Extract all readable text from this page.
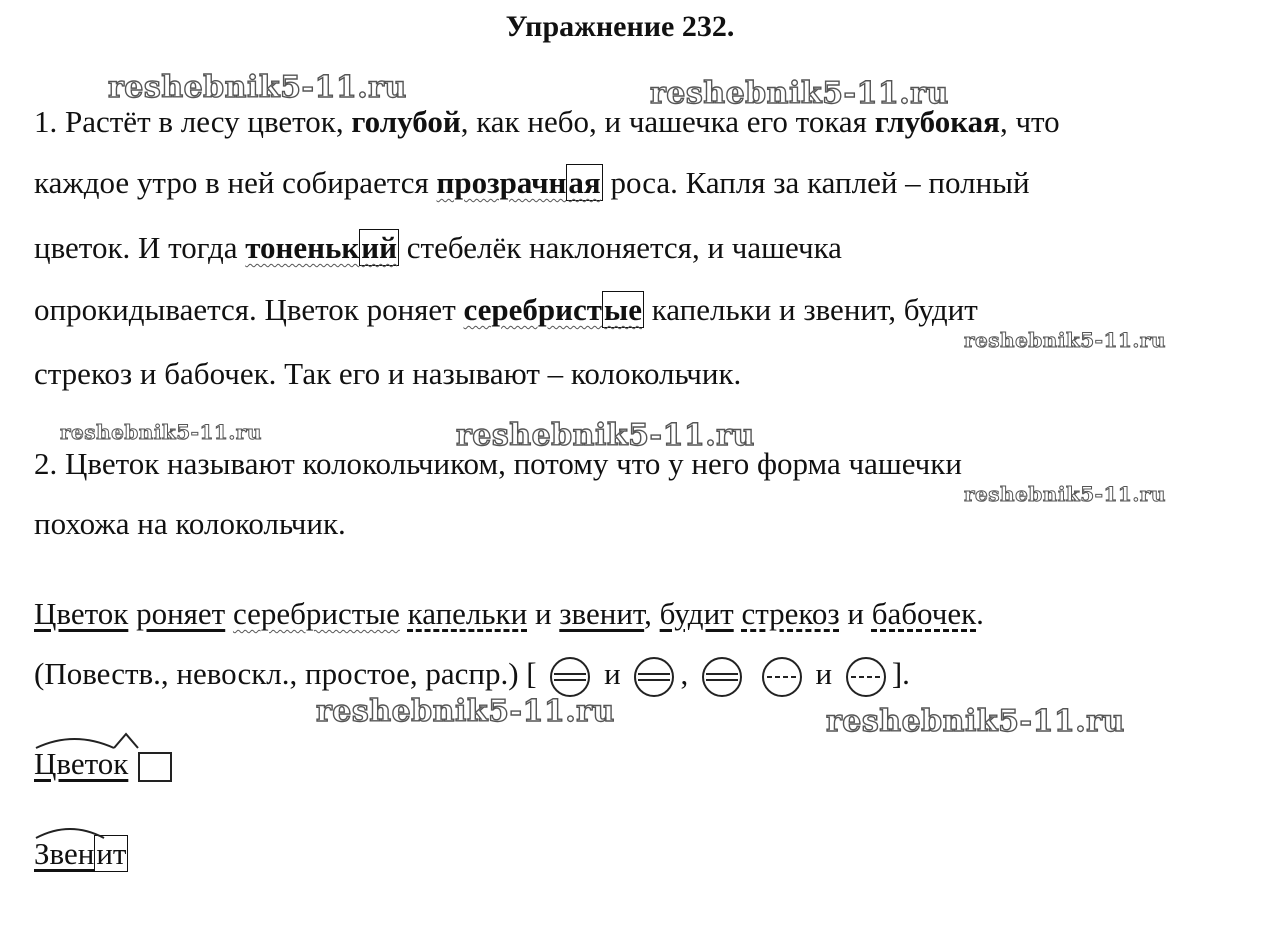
Упражнение 232.
reshebnik5-11.ru	reshebnik5-11.ru
reshebnik5-11.ru
reshebnik5-11.ru	reshebnik5-11.ru
reshebnik5-11.ru
reshebnik5-11.ru	reshebnik5-11.ru
1. Растёт в лесу цветок, голубой, как небо, и чашечка его токая глубокая, что
каждое утро в ней собирается прозрачная роса. Капля за каплей – полный
цветок. И тогда тоненький стебелёк наклоняется, и чашечка
опрокидывается. Цветок роняет серебристые капельки и звенит, будит
стрекоз и бабочек. Так его и называют – колокольчик.
2. Цветок называют колокольчиком, потому что у него форма чашечки
похожа на колокольчик.
Цветок роняет серебристые капельки и звенит, будит стрекоз и бабочек.
(Повеств., невоскл., простое, распр.) [  и ,	и ].
Цветок
Звенит
